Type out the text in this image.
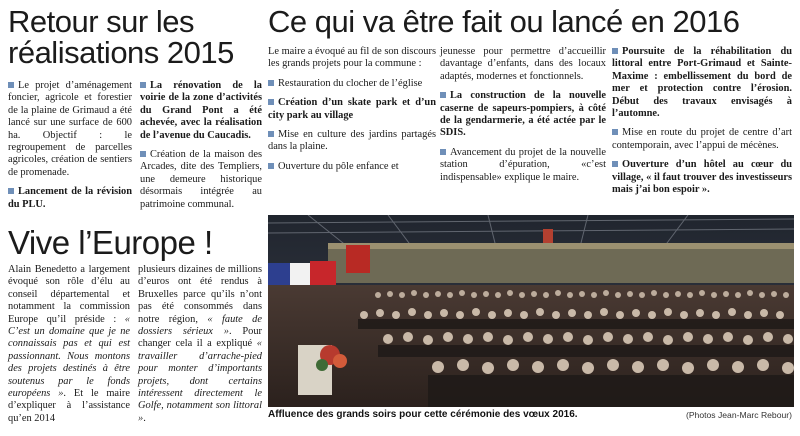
Retour sur les réalisations 2015
Ce qui va être fait ou lancé en 2016
Vive l’Europe !
Le projet d’aménagement foncier, agricole et forestier de la plaine de Grimaud a été lancé sur une surface de 600 ha. Objectif : le regroupement de parcelles agricoles, création de sentiers de promenade.
Lancement de la révision du PLU.
La rénovation de la voirie de la zone d’activités du Grand Pont a été achevée, avec la réalisation de l’avenue du Caucadis.
Création de la maison des Arcades, dite des Templiers, une demeure historique désormais intégrée au patrimoine communal.
Le maire a évoqué au fil de son discours les grands projets pour la commune :
Restauration du clocher de l’église
Création d’un skate park et d’un city park au village
Mise en culture des jardins partagés dans la plaine.
Ouverture du pôle enfance et
jeunesse pour permettre d’accueillir davantage d’enfants, dans des locaux adaptés, modernes et fonctionnels.
La construction de la nouvelle caserne de sapeurs-pompiers, à côté de la gendarmerie, a été actée par le SDIS.
Avancement du projet de la nouvelle station d’épuration, «c’est indispensable» explique le maire.
Poursuite de la réhabilitation du littoral entre Port-Grimaud et Sainte-Maxime : embellissement du bord de mer et protection contre l’érosion. Début des travaux envisagés à l’automne.
Mise en route du projet de centre d’art contemporain, avec l’appui de mécènes.
Ouverture d’un hôtel au cœur du village, « il faut trouver des investisseurs mais j’ai bon espoir ».
Alain Benedetto a largement évoqué son rôle d’élu au conseil départemental et notamment la commission Europe qu’il préside : « C’est un domaine que je ne connaissais pas et qui est passionnant. Nous montons des projets destinés à être soutenus par le fonds européens ». Et le maire d’expliquer à l’assistance qu’en 2014
plusieurs dizaines de millions d’euros ont été rendus à Bruxelles parce qu’ils n’ont pas été consommés dans notre région, « faute de dossiers sérieux ». Pour changer cela il a expliqué « travailler d’arrache-pied pour monter d’importants projets, dont certains intéressent directement le Golfe, notamment son littoral ».	Affluence des grands soirs pour cette cérémonie des vœux 2016.	(Photos Jean-Marc Rebour)
